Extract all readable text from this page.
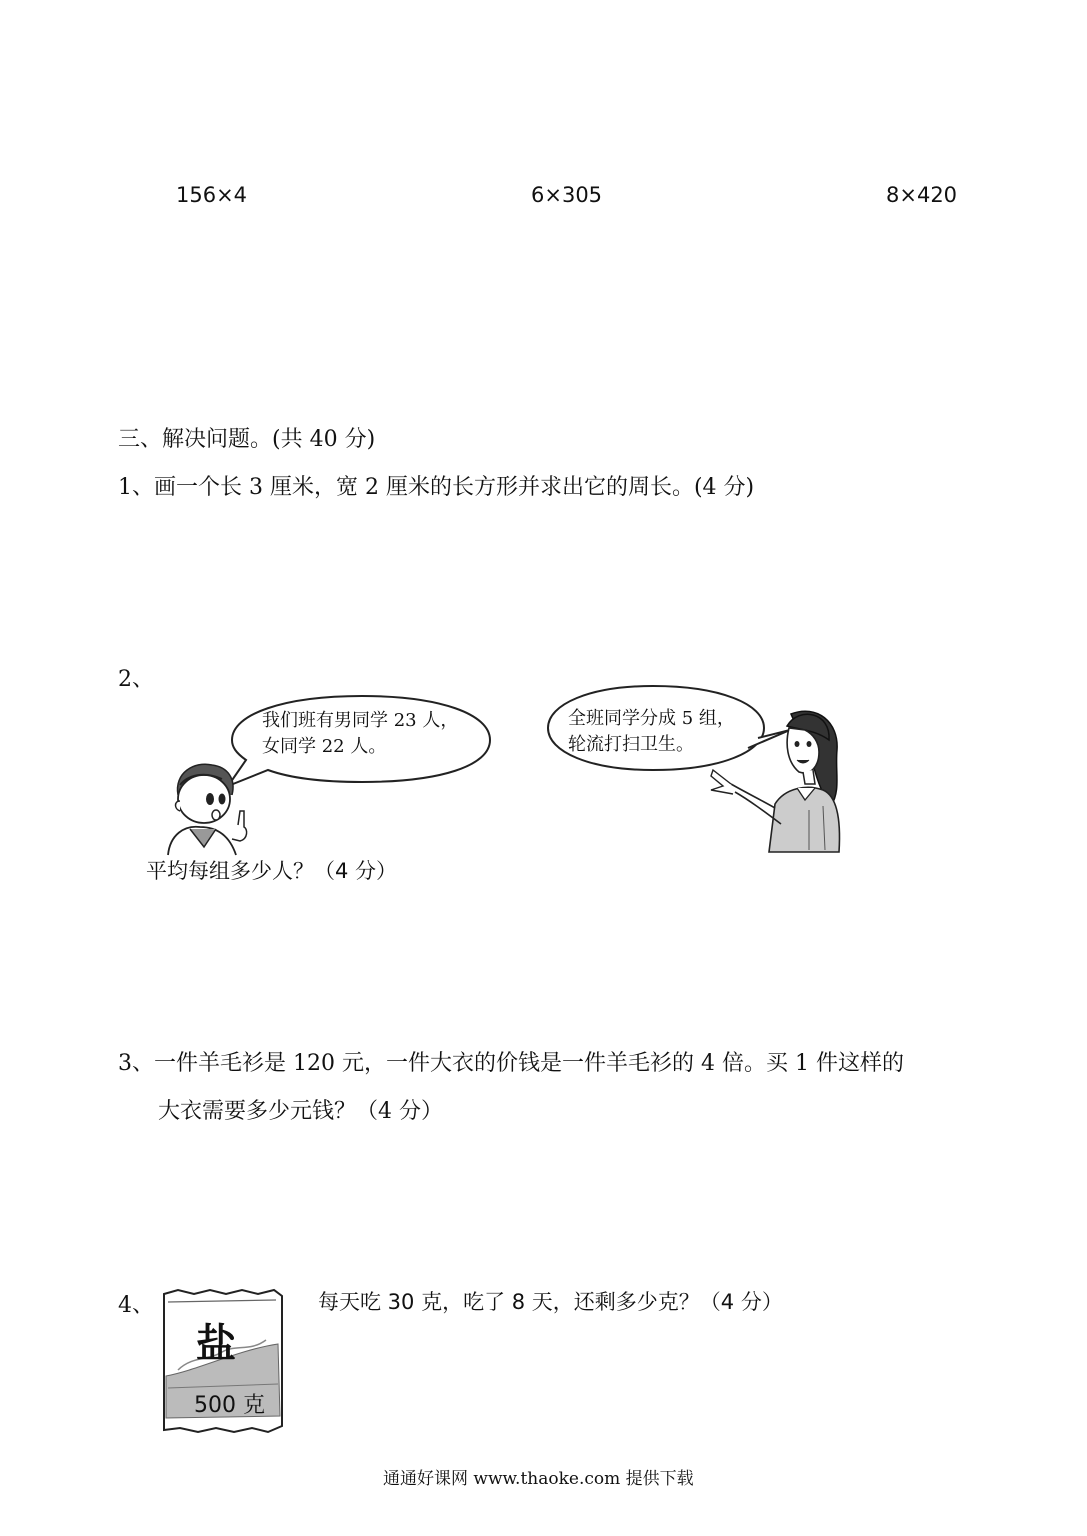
156×4	6×305	8×420
三、解决问题。(共 40 分)
1、画一个长 3 厘米，宽 2 厘米的长方形并求出它的周长。(4 分)
2、
我们班有男同学 23 人，
女同学 22 人。
全班同学分成 5 组，
轮流打扫卫生。
平均每组多少人？（4 分）
3、一件羊毛衫是 120 元，一件大衣的价钱是一件羊毛衫的 4 倍。买 1 件这样的
大衣需要多少元钱？（4 分）
4、
盐
500 克
每天吃 30 克，吃了 8 天，还剩多少克？（4 分）
通通好课网 www.thaoke.com 提供下载
